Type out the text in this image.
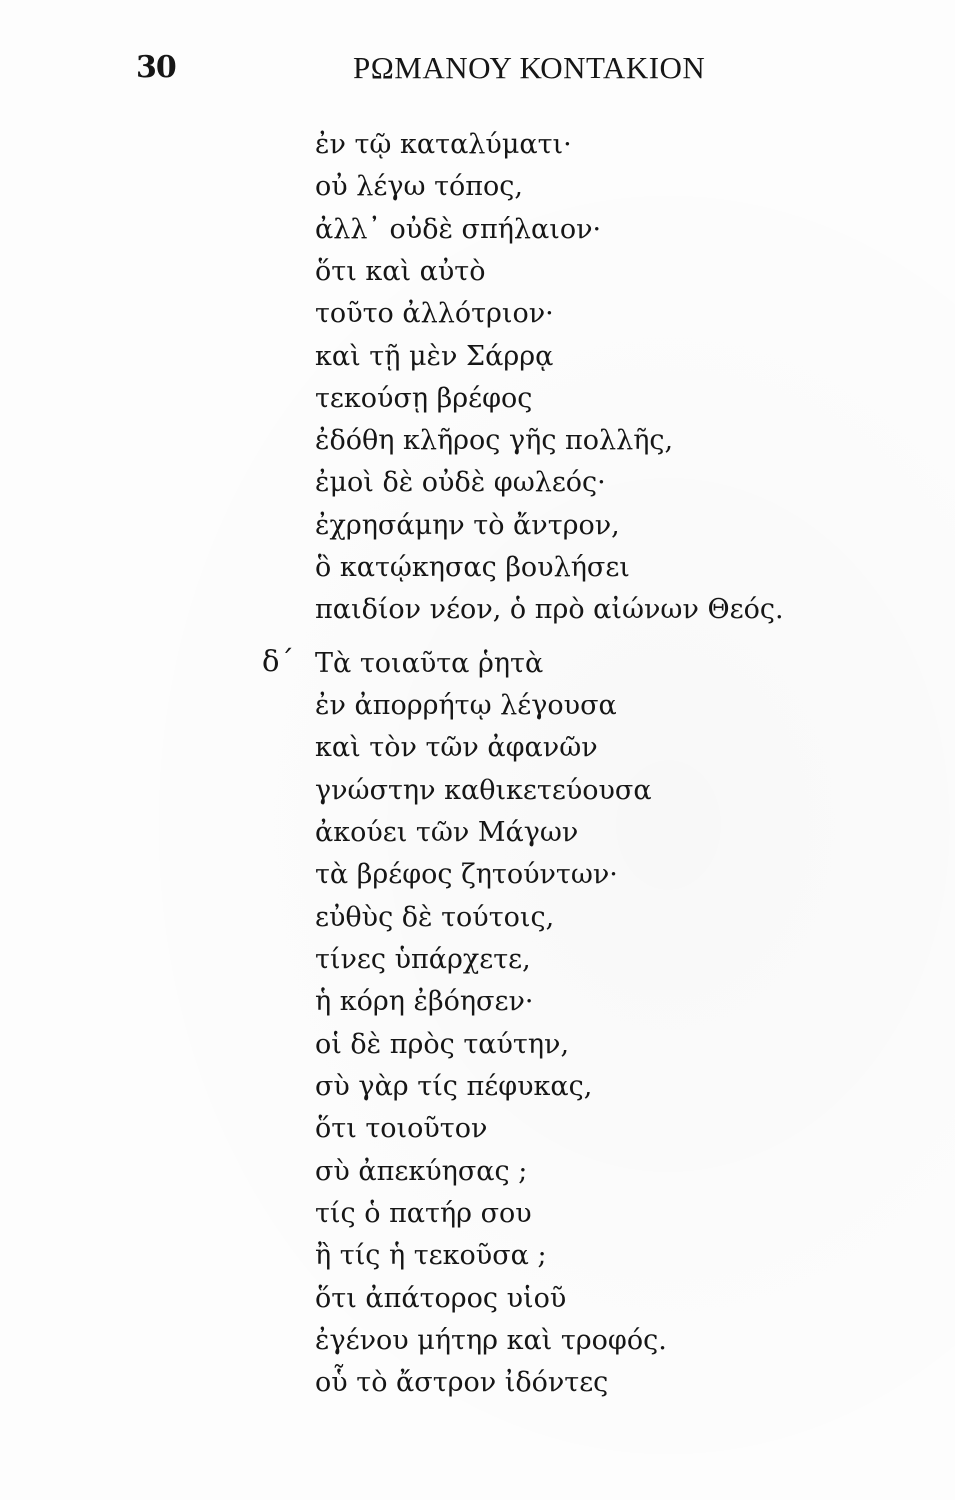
30	ΡΩΜΑΝΟΥ ΚΟΝΤΑΚΙΟΝ
δ΄
ἐν τῷ καταλύματι·
οὐ λέγω τόπος,
ἀλλ᾽ οὐδὲ σπήλαιον·
ὅτι καὶ αὐτὸ
τοῦτο ἀλλότριον·
καὶ τῇ μὲν Σάρρᾳ
τεκούσῃ βρέφος
ἐδόθη κλῆρος γῆς πολλῆς,
ἐμοὶ δὲ οὐδὲ φωλεός·
ἐχρησάμην τὸ ἄντρον,
ὃ κατῴκησας βουλήσει
παιδίον νέον, ὁ πρὸ αἰώνων Θεός.
Τὰ τοιαῦτα ῥητὰ
ἐν ἀπορρήτῳ λέγουσα
καὶ τὸν τῶν ἀφανῶν
γνώστην καθικετεύουσα
ἀκούει τῶν Μάγων
τὰ βρέφος ζητούντων·
εὐθὺς δὲ τούτοις,
τίνες ὑπάρχετε,
ἡ κόρη ἐβόησεν·
οἱ δὲ πρὸς ταύτην,
σὺ γὰρ τίς πέφυκας,
ὅτι τοιοῦτον
σὺ ἀπεκύησας ;
τίς ὁ πατήρ σου
ἢ τίς ἡ τεκοῦσα ;
ὅτι ἀπάτορος υἱοῦ
ἐγένου μήτηρ καὶ τροφός.
οὗ τὸ ἄστρον ἰδόντες
